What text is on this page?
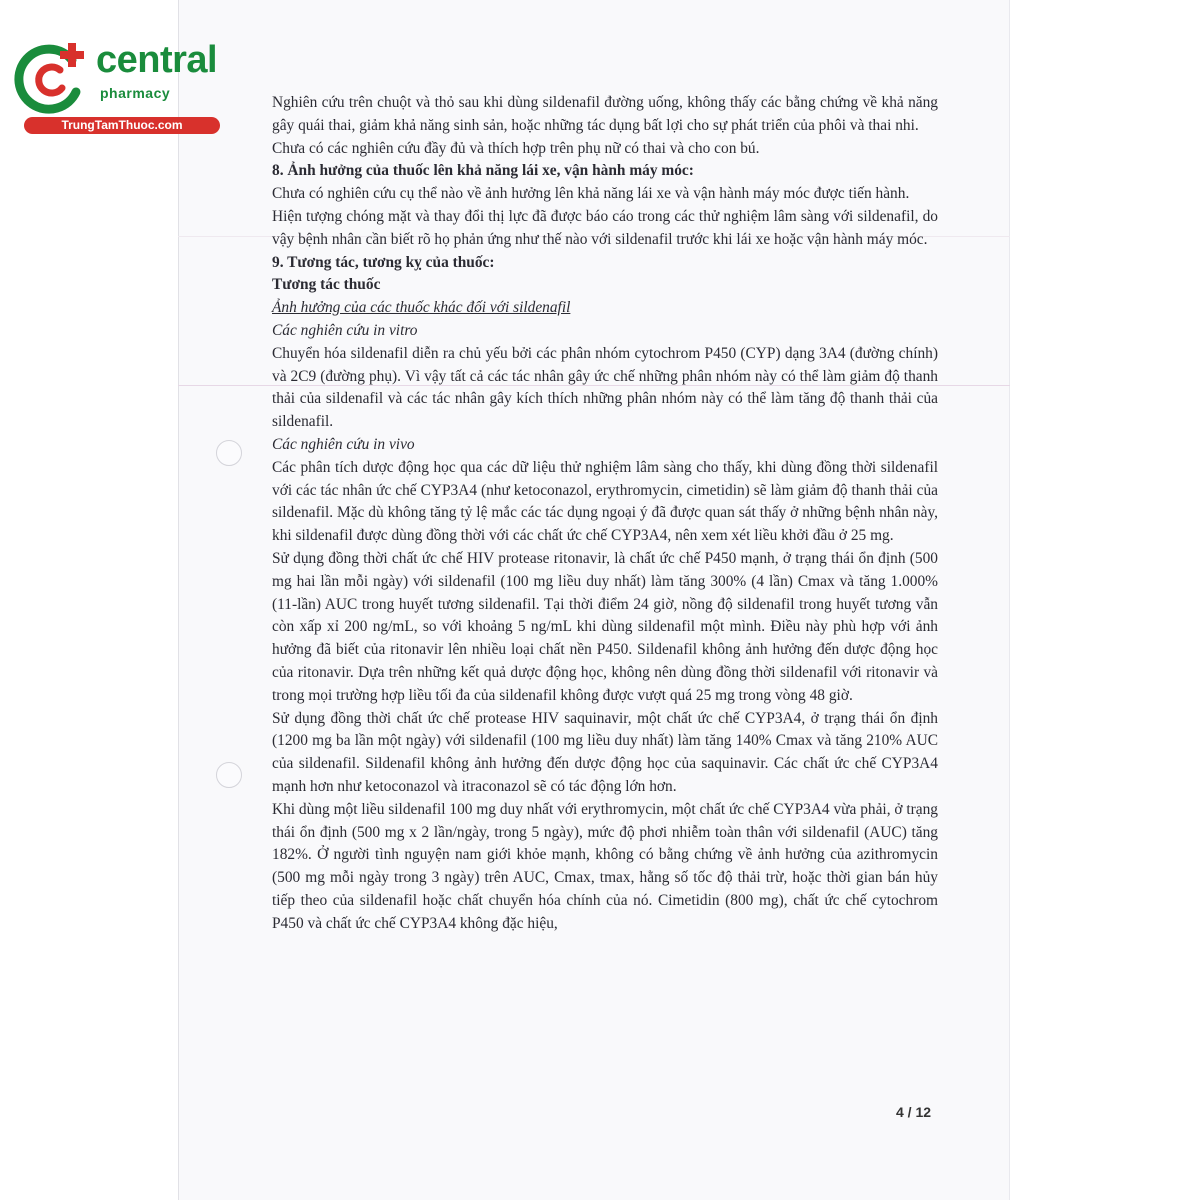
central
pharmacy
TrungTamThuoc.com

Nghiên cứu trên chuột và thỏ sau khi dùng sildenafil đường uống, không thấy các bằng chứng về khả năng gây quái thai, giảm khả năng sinh sản, hoặc những tác dụng bất lợi cho sự phát triển của phôi và thai nhi.

Chưa có các nghiên cứu đầy đủ và thích hợp trên phụ nữ có thai và cho con bú.

8. Ảnh hưởng của thuốc lên khả năng lái xe, vận hành máy móc:

Chưa có nghiên cứu cụ thể nào về ảnh hưởng lên khả năng lái xe và vận hành máy móc được tiến hành.

Hiện tượng chóng mặt và thay đổi thị lực đã được báo cáo trong các thử nghiệm lâm sàng với sildenafil, do vậy bệnh nhân cần biết rõ họ phản ứng như thế nào với sildenafil trước khi lái xe hoặc vận hành máy móc.

9. Tương tác, tương kỵ của thuốc:

Tương tác thuốc

Ảnh hưởng của các thuốc khác đối với sildenafil

Các nghiên cứu in vitro

Chuyển hóa sildenafil diễn ra chủ yếu bởi các phân nhóm cytochrom P450 (CYP) dạng 3A4 (đường chính) và 2C9 (đường phụ). Vì vậy tất cả các tác nhân gây ức chế những phân nhóm này có thể làm giảm độ thanh thải của sildenafil và các tác nhân gây kích thích những phân nhóm này có thể làm tăng độ thanh thải của sildenafil.

Các nghiên cứu in vivo

Các phân tích dược động học qua các dữ liệu thử nghiệm lâm sàng cho thấy, khi dùng đồng thời sildenafil với các tác nhân ức chế CYP3A4 (như ketoconazol, erythromycin, cimetidin) sẽ làm giảm độ thanh thải của sildenafil. Mặc dù không tăng tỷ lệ mắc các tác dụng ngoại ý đã được quan sát thấy ở những bệnh nhân này, khi sildenafil được dùng đồng thời với các chất ức chế CYP3A4, nên xem xét liều khởi đầu ở 25 mg.

Sử dụng đồng thời chất ức chế HIV protease ritonavir, là chất ức chế P450 mạnh, ở trạng thái ổn định (500 mg hai lần mỗi ngày) với sildenafil (100 mg liều duy nhất) làm tăng 300% (4 lần) Cmax và tăng 1.000% (11-lần) AUC trong huyết tương sildenafil. Tại thời điểm 24 giờ, nồng độ sildenafil trong huyết tương vẫn còn xấp xỉ 200 ng/mL, so với khoảng 5 ng/mL khi dùng sildenafil một mình. Điều này phù hợp với ảnh hưởng đã biết của ritonavir lên nhiều loại chất nền P450. Sildenafil không ảnh hưởng đến dược động học của ritonavir. Dựa trên những kết quả dược động học, không nên dùng đồng thời sildenafil với ritonavir và trong mọi trường hợp liều tối đa của sildenafil không được vượt quá 25 mg trong vòng 48 giờ.

Sử dụng đồng thời chất ức chế protease HIV saquinavir, một chất ức chế CYP3A4, ở trạng thái ổn định (1200 mg ba lần một ngày) với sildenafil (100 mg liều duy nhất) làm tăng 140% Cmax và tăng 210% AUC của sildenafil. Sildenafil không ảnh hưởng đến dược động học của saquinavir. Các chất ức chế CYP3A4 mạnh hơn như ketoconazol và itraconazol sẽ có tác động lớn hơn.

Khi dùng một liều sildenafil 100 mg duy nhất với erythromycin, một chất ức chế CYP3A4 vừa phải, ở trạng thái ổn định (500 mg x 2 lần/ngày, trong 5 ngày), mức độ phơi nhiễm toàn thân với sildenafil (AUC) tăng 182%. Ở người tình nguyện nam giới khỏe mạnh, không có bằng chứng về ảnh hưởng của azithromycin (500 mg mỗi ngày trong 3 ngày) trên AUC, Cmax, tmax, hằng số tốc độ thải trừ, hoặc thời gian bán hủy tiếp theo của sildenafil hoặc chất chuyển hóa chính của nó. Cimetidin (800 mg), chất ức chế cytochrom P450 và chất ức chế CYP3A4 không đặc hiệu,

4 / 12
